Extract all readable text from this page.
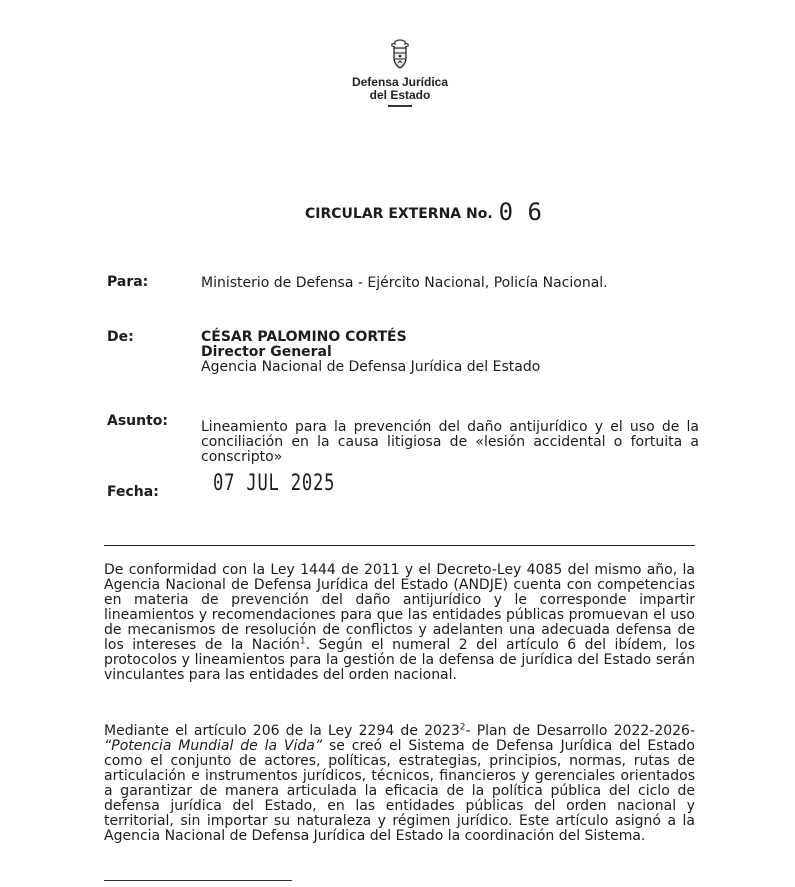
Defensa Jurídica
del Estado
CIRCULAR EXTERNA No. 0 6
Para:	Ministerio de Defensa - Ejército Nacional, Policía Nacional.
De:	CÉSAR PALOMINO CORTÉS
Director General
Agencia Nacional de Defensa Jurídica del Estado
Asunto: Lineamiento para la prevención del daño antijurídico y el uso de la conciliación en la causa litigiosa de «lesión accidental o fortuita a conscripto»
Fecha: 07 JUL 2025
De conformidad con la Ley 1444 de 2011 y el Decreto-Ley 4085 del mismo año, la Agencia Nacional de Defensa Jurídica del Estado (ANDJE) cuenta con competencias en materia de prevención del daño antijurídico y le corresponde impartir lineamientos y recomendaciones para que las entidades públicas promuevan el uso de mecanismos de resolución de conflictos y adelanten una adecuada defensa de los intereses de la Nación$^1$. Según el numeral 2 del artículo 6 del ibídem, los protocolos y lineamientos para la gestión de la defensa de jurídica del Estado serán vinculantes para las entidades del orden nacional.
Mediante el artículo 206 de la Ley 2294 de 2023$^2$- Plan de Desarrollo 2022-2026- “Potencia Mundial de la Vida” se creó el Sistema de Defensa Jurídica del Estado como el conjunto de actores, políticas, estrategias, principios, normas, rutas de articulación e instrumentos jurídicos, técnicos, financieros y gerenciales orientados a garantizar de manera articulada la eficacia de la política pública del ciclo de defensa jurídica del Estado, en las entidades públicas del orden nacional y territorial, sin importar su naturaleza y régimen jurídico. Este artículo asignó a la Agencia Nacional de Defensa Jurídica del Estado la coordinación del Sistema.
